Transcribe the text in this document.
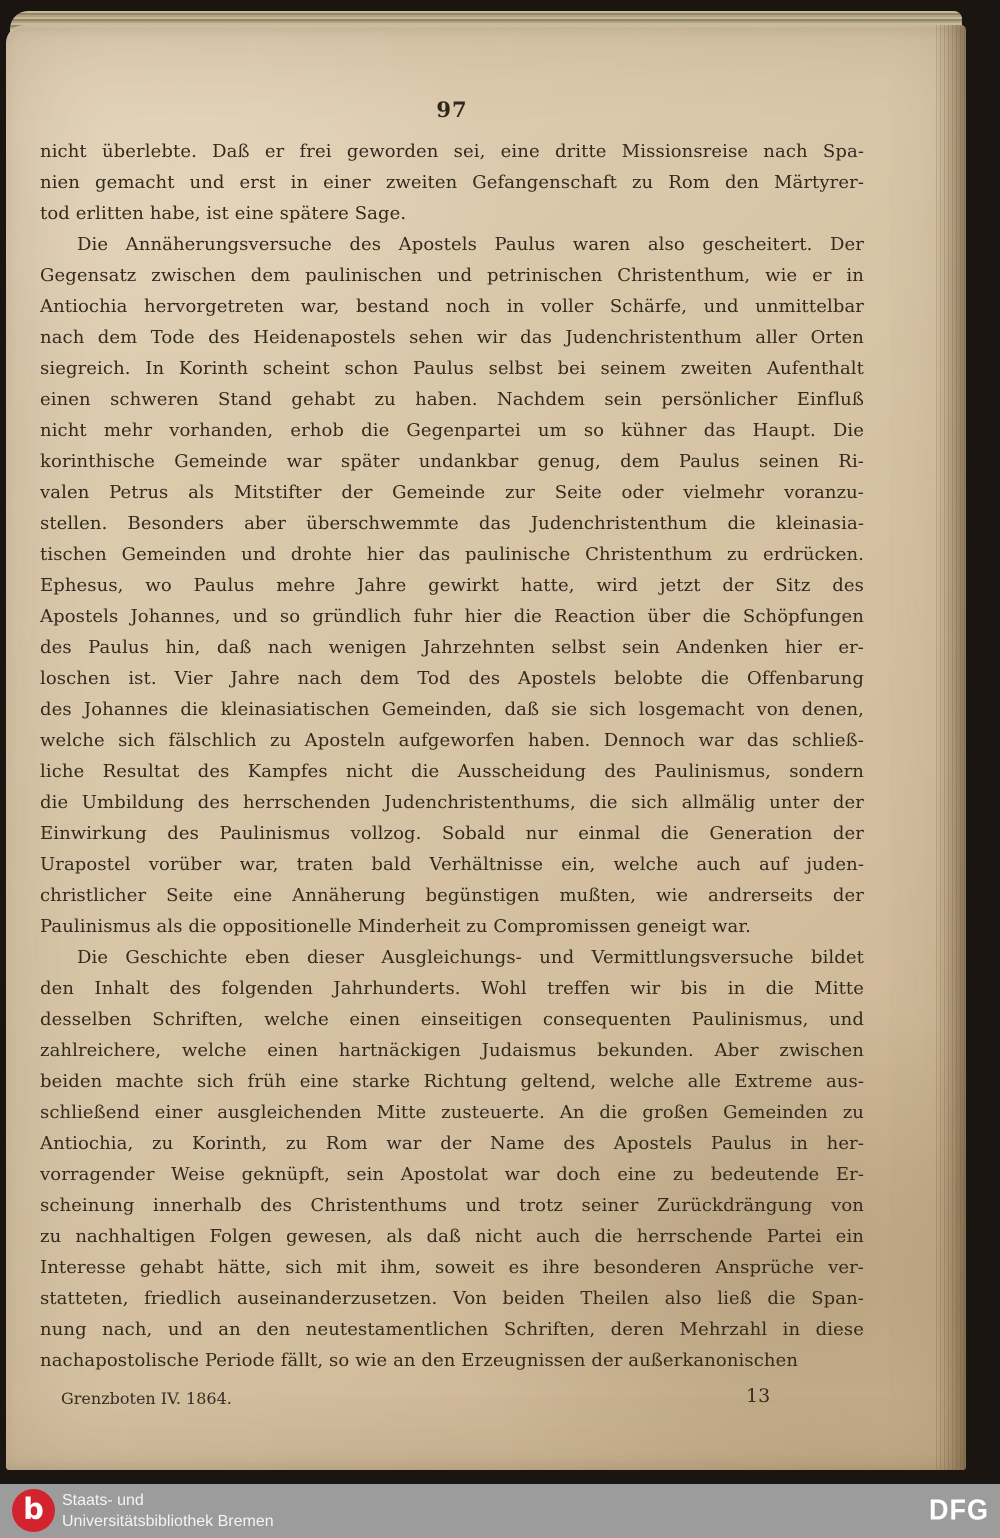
97
nicht überlebte. Daß er frei geworden sei, eine dritte Missionsreise nach Spa-
nien gemacht und erst in einer zweiten Gefangenschaft zu Rom den Märtyrer-
tod erlitten habe, ist eine spätere Sage.
Die Annäherungsversuche des Apostels Paulus waren also gescheitert. Der
Gegensatz zwischen dem paulinischen und petrinischen Christenthum, wie er in
Antiochia hervorgetreten war, bestand noch in voller Schärfe, und unmittelbar
nach dem Tode des Heidenapostels sehen wir das Judenchristenthum aller Orten
siegreich. In Korinth scheint schon Paulus selbst bei seinem zweiten Aufenthalt
einen schweren Stand gehabt zu haben. Nachdem sein persönlicher Einfluß
nicht mehr vorhanden, erhob die Gegenpartei um so kühner das Haupt. Die
korinthische Gemeinde war später undankbar genug, dem Paulus seinen Ri-
valen Petrus als Mitstifter der Gemeinde zur Seite oder vielmehr voranzu-
stellen. Besonders aber überschwemmte das Judenchristenthum die kleinasia-
tischen Gemeinden und drohte hier das paulinische Christenthum zu erdrücken.
Ephesus, wo Paulus mehre Jahre gewirkt hatte, wird jetzt der Sitz des
Apostels Johannes, und so gründlich fuhr hier die Reaction über die Schöpfungen
des Paulus hin, daß nach wenigen Jahrzehnten selbst sein Andenken hier er-
loschen ist. Vier Jahre nach dem Tod des Apostels belobte die Offenbarung
des Johannes die kleinasiatischen Gemeinden, daß sie sich losgemacht von denen,
welche sich fälschlich zu Aposteln aufgeworfen haben. Dennoch war das schließ-
liche Resultat des Kampfes nicht die Ausscheidung des Paulinismus, sondern
die Umbildung des herrschenden Judenchristenthums, die sich allmälig unter der
Einwirkung des Paulinismus vollzog. Sobald nur einmal die Generation der
Urapostel vorüber war, traten bald Verhältnisse ein, welche auch auf juden-
christlicher Seite eine Annäherung begünstigen mußten, wie andrerseits der
Paulinismus als die oppositionelle Minderheit zu Compromissen geneigt war.
Die Geschichte eben dieser Ausgleichungs- und Vermittlungsversuche bildet
den Inhalt des folgenden Jahrhunderts. Wohl treffen wir bis in die Mitte
desselben Schriften, welche einen einseitigen consequenten Paulinismus, und
zahlreichere, welche einen hartnäckigen Judaismus bekunden. Aber zwischen
beiden machte sich früh eine starke Richtung geltend, welche alle Extreme aus-
schließend einer ausgleichenden Mitte zusteuerte. An die großen Gemeinden zu
Antiochia, zu Korinth, zu Rom war der Name des Apostels Paulus in her-
vorragender Weise geknüpft, sein Apostolat war doch eine zu bedeutende Er-
scheinung innerhalb des Christenthums und trotz seiner Zurückdrängung von
zu nachhaltigen Folgen gewesen, als daß nicht auch die herrschende Partei ein
Interesse gehabt hätte, sich mit ihm, soweit es ihre besonderen Ansprüche ver-
statteten, friedlich auseinanderzusetzen. Von beiden Theilen also ließ die Span-
nung nach, und an den neutestamentlichen Schriften, deren Mehrzahl in diese
nachapostolische Periode fällt, so wie an den Erzeugnissen der außerkanonischen
Grenzboten IV. 1864.	13
b Staats- und
Universitätsbibliothek Bremen	DFG
